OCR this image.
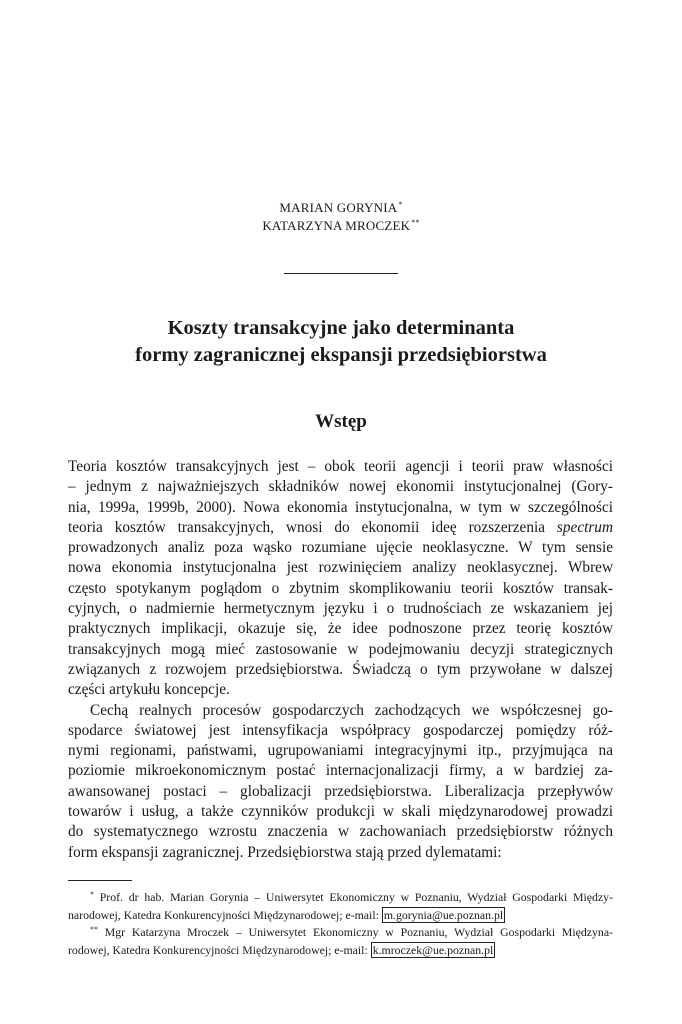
MARIAN GORYNIA*
KATARZYNA MROCZEK**
Koszty transakcyjne jako determinanta
formy zagranicznej ekspansji przedsiębiorstwa
Wstęp
Teoria kosztów transakcyjnych jest – obok teorii agencji i teorii praw własności
– jednym z najważniejszych składników nowej ekonomii instytucjonalnej (Gory-
nia, 1999a, 1999b, 2000). Nowa ekonomia instytucjonalna, w tym w szczególności
teoria kosztów transakcyjnych, wnosi do ekonomii ideę rozszerzenia spectrum
prowadzonych analiz poza wąsko rozumiane ujęcie neoklasyczne. W tym sensie
nowa ekonomia instytucjonalna jest rozwinięciem analizy neoklasycznej. Wbrew
często spotykanym poglądom o zbytnim skomplikowaniu teorii kosztów transak-
cyjnych, o nadmiernie hermetycznym języku i o trudnościach ze wskazaniem jej
praktycznych implikacji, okazuje się, że idee podnoszone przez teorię kosztów
transakcyjnych mogą mieć zastosowanie w podejmowaniu decyzji strategicznych
związanych z rozwojem przedsiębiorstwa. Świadczą o tym przywołane w dalszej
części artykułu koncepcje.
Cechą realnych procesów gospodarczych zachodzących we współczesnej go-
spodarce światowej jest intensyfikacja współpracy gospodarczej pomiędzy róż-
nymi regionami, państwami, ugrupowaniami integracyjnymi itp., przyjmująca na
poziomie mikroekonomicznym postać internacjonalizacji firmy, a w bardziej za-
awansowanej postaci – globalizacji przedsiębiorstwa. Liberalizacja przepływów
towarów i usług, a także czynników produkcji w skali międzynarodowej prowadzi
do systematycznego wzrostu znaczenia w zachowaniach przedsiębiorstw różnych
form ekspansji zagranicznej. Przedsiębiorstwa stają przed dylematami:
* Prof. dr hab. Marian Gorynia – Uniwersytet Ekonomiczny w Poznaniu, Wydział Gospodarki Między-
narodowej, Katedra Konkurencyjności Międzynarodowej; e-mail: m.gorynia@ue.poznan.pl
** Mgr Katarzyna Mroczek – Uniwersytet Ekonomiczny w Poznaniu, Wydział Gospodarki Międzyna-
rodowej, Katedra Konkurencyjności Międzynarodowej; e-mail: k.mroczek@ue.poznan.pl
